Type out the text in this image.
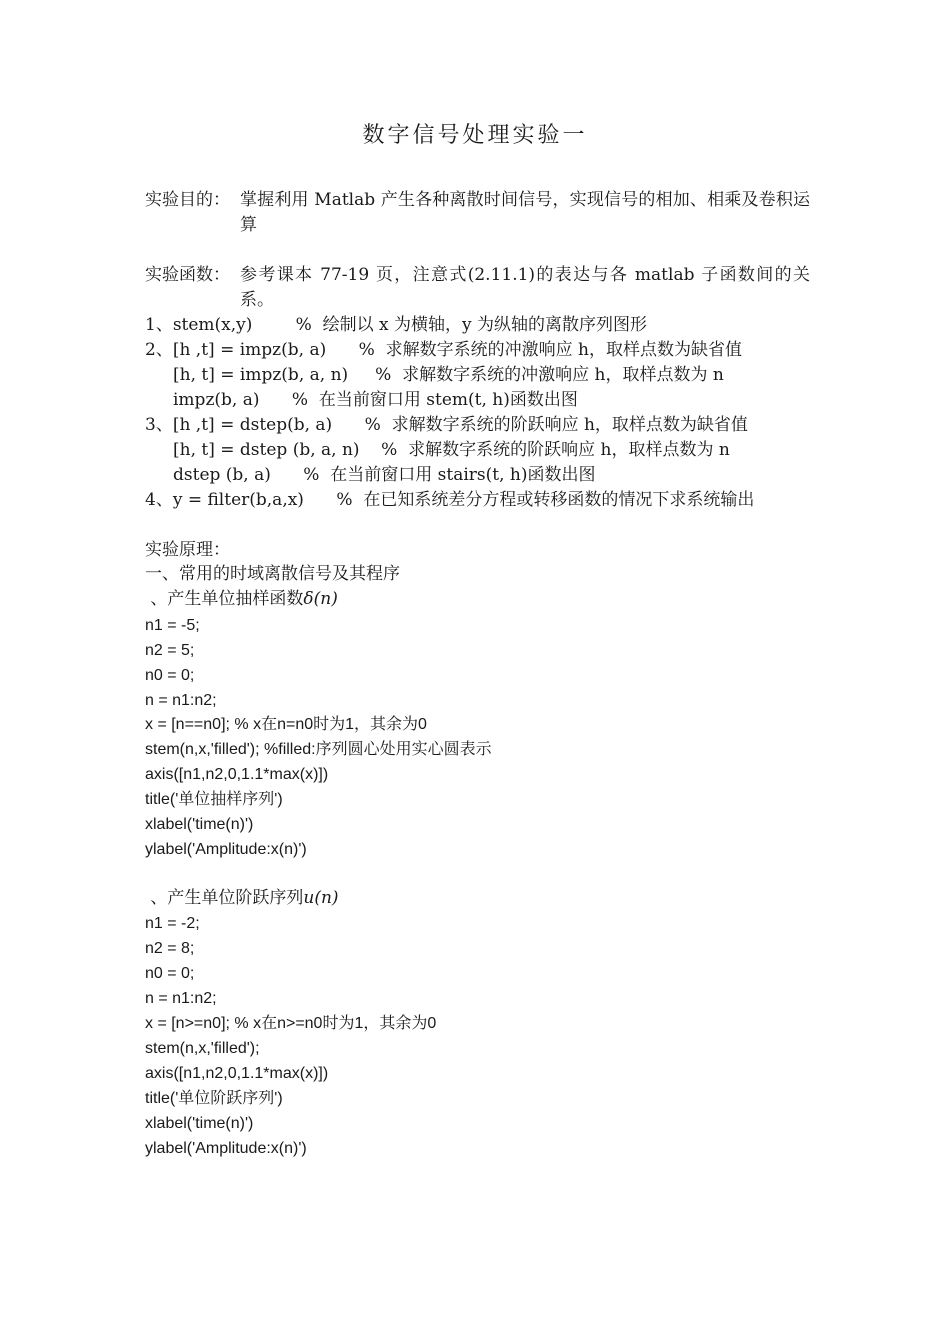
数字信号处理实验一
实验目的： 掌握利用 Matlab 产生各种离散时间信号，实现信号的相加、相乘及卷积运算
实验函数： 参考课本 77-19 页，注意式(2.11.1)的表达与各 matlab 子函数间的关系。
1、stem(x,y)        %  绘制以 x 为横轴，y 为纵轴的离散序列图形
2、[h ,t] = impz(b, a)      %  求解数字系统的冲激响应 h，取样点数为缺省值
[h, t] = impz(b, a, n)     %  求解数字系统的冲激响应 h，取样点数为 n
impz(b, a)      %  在当前窗口用 stem(t, h)函数出图
3、[h ,t] = dstep(b, a)      %  求解数字系统的阶跃响应 h，取样点数为缺省值
[h, t] = dstep (b, a, n)    %  求解数字系统的阶跃响应 h，取样点数为 n
dstep (b, a)      %  在当前窗口用 stairs(t, h)函数出图
4、y = filter(b,a,x)      %  在已知系统差分方程或转移函数的情况下求系统输出
实验原理：
一、常用的时域离散信号及其程序
、产生单位抽样函数δ(n)
n1 = -5;
n2 = 5;
n0 = 0;
n = n1:n2;
x = [n==n0]; % x在n=n0时为1，其余为0
stem(n,x,'filled'); %filled:序列圆心处用实心圆表示
axis([n1,n2,0,1.1*max(x)])
title('单位抽样序列')
xlabel('time(n)')
ylabel('Amplitude:x(n)')
、产生单位阶跃序列u(n)
n1 = -2;
n2 = 8;
n0 = 0;
n = n1:n2;
x = [n>=n0]; % x在n>=n0时为1，其余为0
stem(n,x,'filled');
axis([n1,n2,0,1.1*max(x)])
title('单位阶跃序列')
xlabel('time(n)')
ylabel('Amplitude:x(n)')
